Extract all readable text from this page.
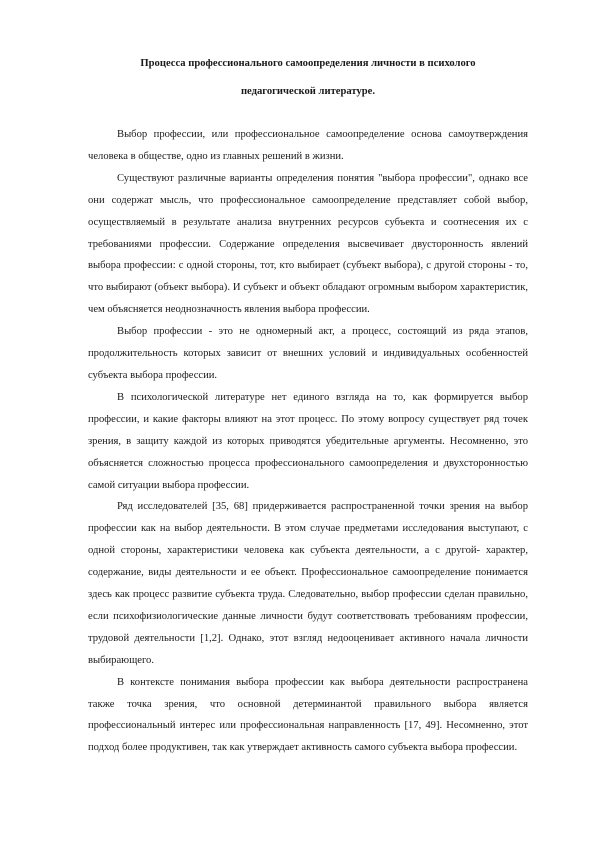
Процесса профессионального самоопределения личности в психолого
педагогической литературе.

Выбор профессии, или профессиональное самоопределение основа самоутверждения человека в обществе, одно из главных решений в жизни.

Существуют различные варианты определения понятия "выбора профессии", однако все они содержат мысль, что профессиональное самоопределение представляет собой выбор, осуществляемый в результате анализа внутренних ресурсов субъекта и соотнесения их с требованиями профессии. Содержание определения высвечивает двусторонность явлений выбора профессии: с одной стороны, тот, кто выбирает (субъект выбора), с другой стороны - то, что выбирают (объект выбора). И субъект и объект обладают огромным выбором характеристик, чем объясняется неоднозначность явления выбора профессии.

Выбор профессии - это не одномерный акт, а процесс, состоящий из ряда этапов, продолжительность которых зависит от внешних условий и индивидуальных особенностей субъекта выбора профессии.

В психологической литературе нет единого взгляда на то, как формируется выбор профессии, и какие факторы влияют на этот процесс. По этому вопросу существует ряд точек зрения, в защиту каждой из которых приводятся убедительные аргументы. Несомненно, это объясняется сложностью процесса профессионального самоопределения и двухсторонностью самой ситуации выбора профессии.

Ряд исследователей [35, 68] придерживается распространенной точки зрения на выбор профессии как на выбор деятельности. В этом случае предметами исследования выступают, с одной стороны, характеристики человека как субъекта деятельности, а с другой- характер, содержание, виды деятельности и ее объект. Профессиональное самоопределение понимается здесь как процесс развитие субъекта труда. Следовательно, выбор профессии сделан правильно, если психофизиологические данные личности будут соответствовать требованиям профессии, трудовой деятельности [1,2]. Однако, этот взгляд недооценивает активного начала личности выбирающего.

В контексте понимания выбора профессии как выбора деятельности распространена также точка зрения, что основной детерминантой правильного выбора является профессиональный интерес или профессиональная направленность [17, 49]. Несомненно, этот подход более продуктивен, так как утверждает активность самого субъекта выбора профессии.
